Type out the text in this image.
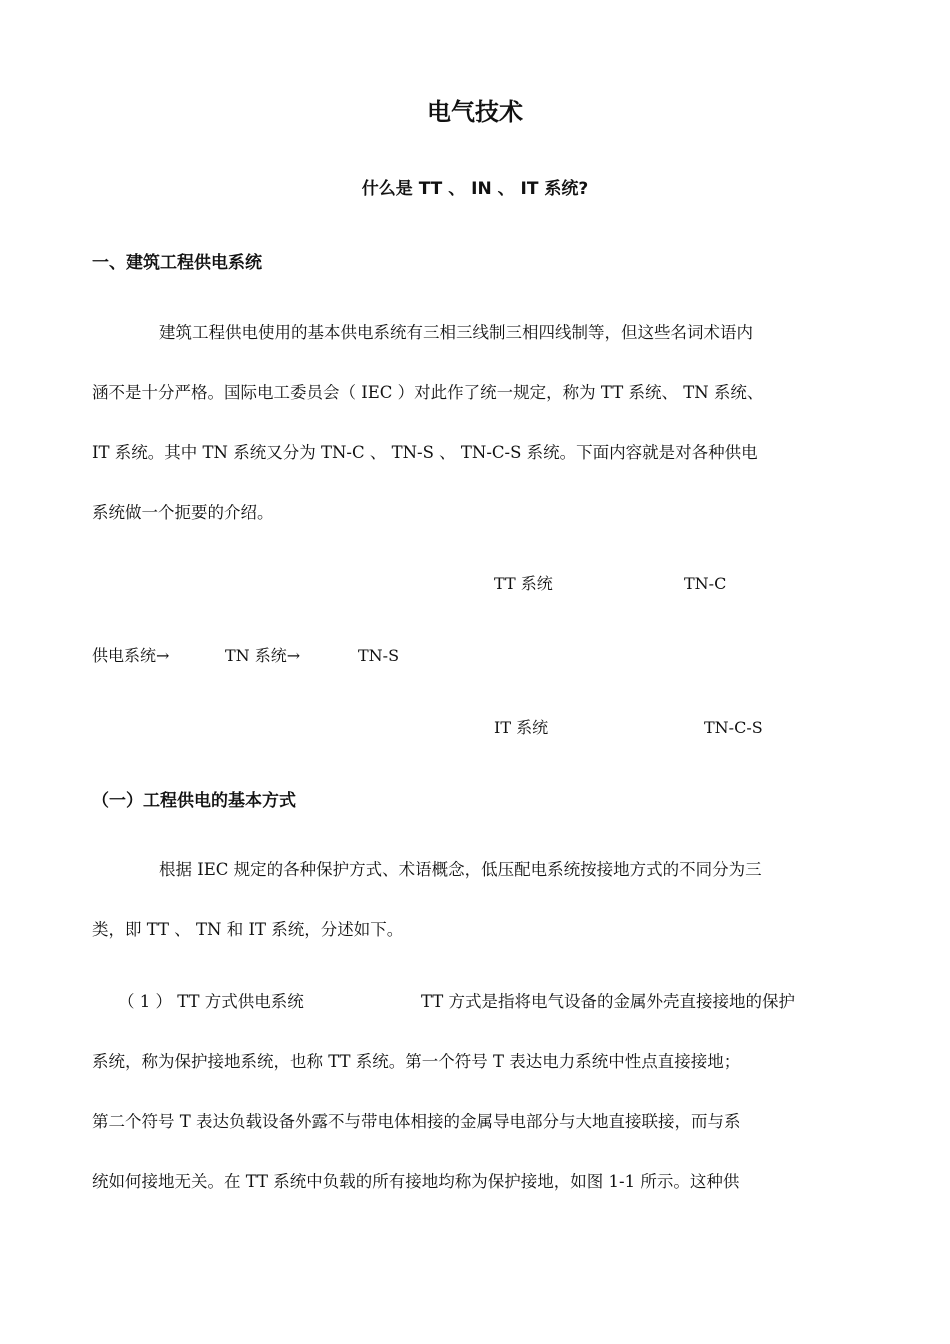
电气技术
什么是 TT 、 IN 、 IT 系统?
一、建筑工程供电系统
建筑工程供电使用的基本供电系统有三相三线制三相四线制等，但这些名词术语内
涵不是十分严格。国际电工委员会（ IEC ）对此作了统一规定，称为 TT 系统、 TN 系统、
IT 系统。其中 TN 系统又分为 TN-C 、 TN-S 、 TN-C-S 系统。下面内容就是对各种供电
系统做一个扼要的介绍。
TT 系统	TN-C
供电系统→	TN 系统→	TN-S
IT 系统	TN-C-S
（一）工程供电的基本方式
根据 IEC 规定的各种保护方式、术语概念，低压配电系统按接地方式的不同分为三
类，即 TT 、 TN 和 IT 系统，分述如下。
（ 1 ） TT 方式供电系统	TT 方式是指将电气设备的金属外壳直接接地的保护
系统，称为保护接地系统，也称 TT 系统。第一个符号 T 表达电力系统中性点直接接地；
第二个符号 T 表达负载设备外露不与带电体相接的金属导电部分与大地直接联接，而与系
统如何接地无关。在 TT 系统中负载的所有接地均称为保护接地，如图 1-1 所示。这种供
